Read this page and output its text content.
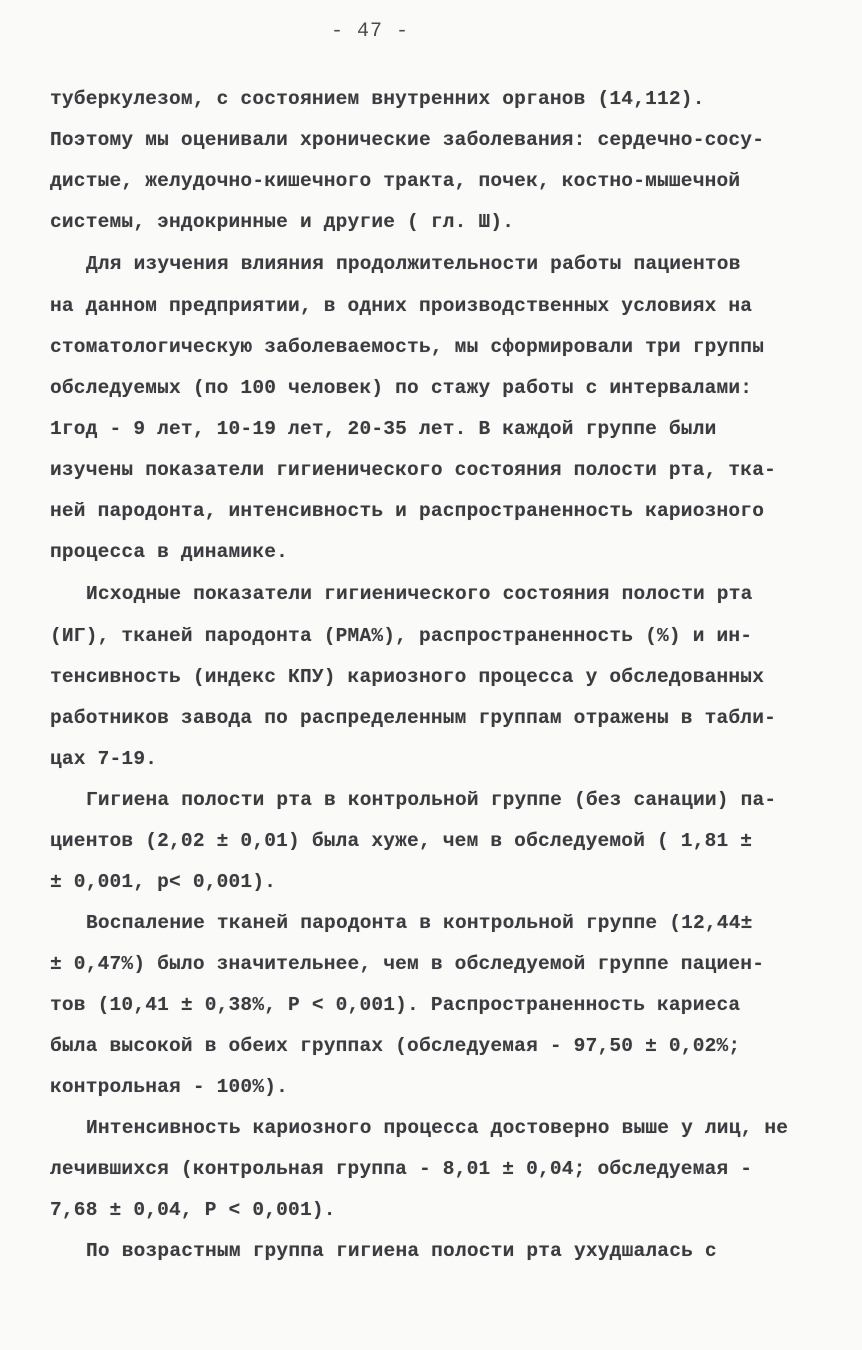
- 47 -
туберкулезом, с состоянием внутренних органов (14,112).
Поэтому мы оценивали хронические заболевания: сердечно-сосу-
дистые, желудочно-кишечного тракта, почек, костно-мышечной
системы, эндокринные и другие ( гл. Ш).
Для изучения влияния продолжительности работы пациентов
на данном предприятии, в одних производственных условиях на
стоматологическую заболеваемость, мы сформировали три группы
обследуемых (по 100 человек) по стажу работы с интервалами:
1год - 9 лет, 10-19 лет, 20-35 лет. В каждой группе были
изучены показатели гигиенического состояния полости рта, тка-
ней пародонта, интенсивность и распространенность кариозного
процесса в динамике.
Исходные показатели гигиенического состояния полости рта
(ИГ), тканей пародонта (РМА%), распространенность (%) и ин-
тенсивность (индекс КПУ) кариозного процесса у обследованных
работников завода по распределенным группам отражены в табли-
цах 7-19.
Гигиена полости рта в контрольной группе (без санации) па-
циентов (2,02 ± 0,01) была хуже, чем в обследуемой ( 1,81 ±
± 0,001, р< 0,001).
Воспаление тканей пародонта в контрольной группе (12,44±
± 0,47%) было значительнее, чем в обследуемой группе пациен-
тов (10,41 ± 0,38%, Р < 0,001). Распространенность кариеса
была высокой в обеих группах (обследуемая - 97,50 ± 0,02%;
контрольная - 100%).
Интенсивность кариозного процесса достоверно выше у лиц, не
лечившихся (контрольная группа - 8,01 ± 0,04; обследуемая -
7,68 ± 0,04, Р < 0,001).
По возрастным группа гигиена полости рта ухудшалась с
